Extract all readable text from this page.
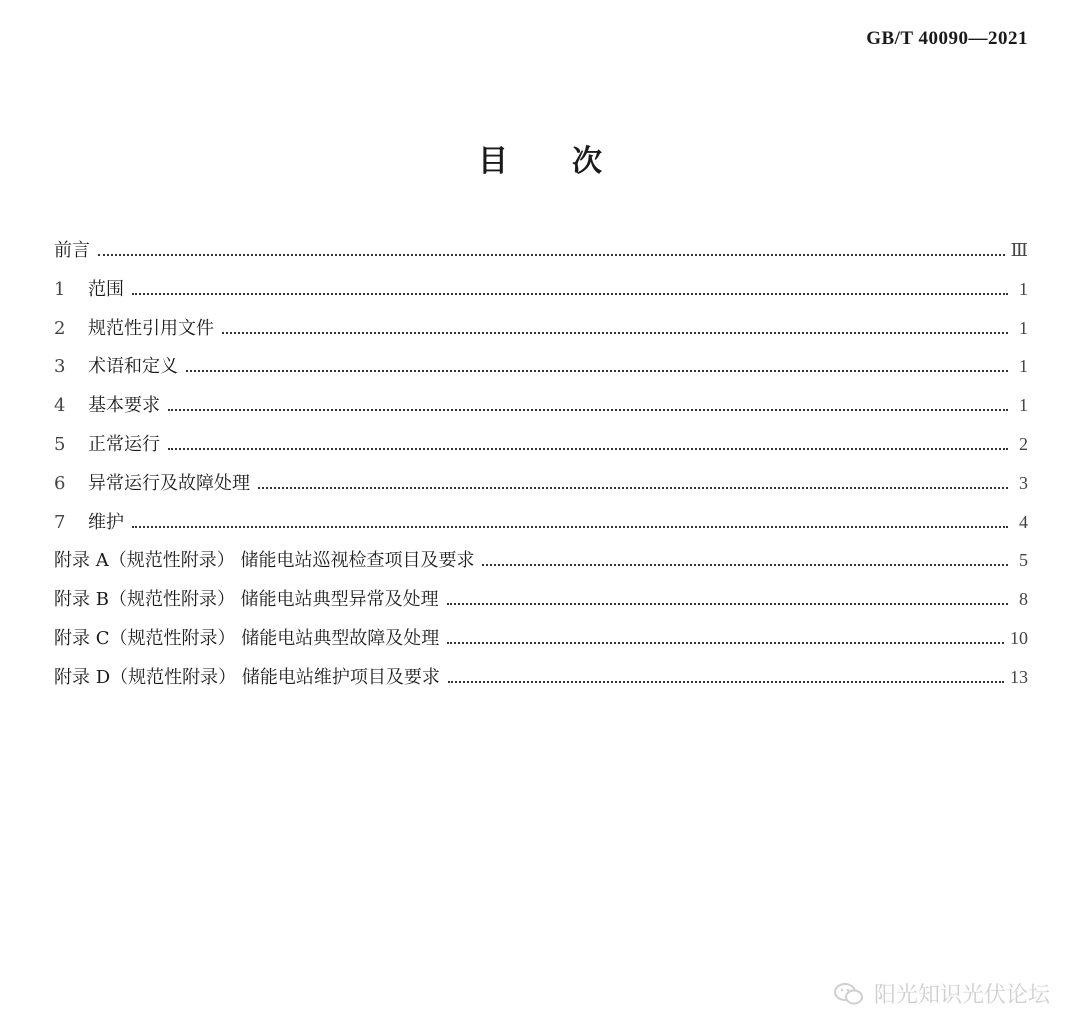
GB/T 40090—2021
目次
前言	Ⅲ
1	范围	1
2	规范性引用文件	1
3	术语和定义	1
4	基本要求	1
5	正常运行	2
6	异常运行及故障处理	3
7	维护	4
附录 A（规范性附录） 储能电站巡视检查项目及要求	5
附录 B（规范性附录） 储能电站典型异常及处理	8
附录 C（规范性附录） 储能电站典型故障及处理	10
附录 D（规范性附录） 储能电站维护项目及要求	13
阳光知识光伏论坛
